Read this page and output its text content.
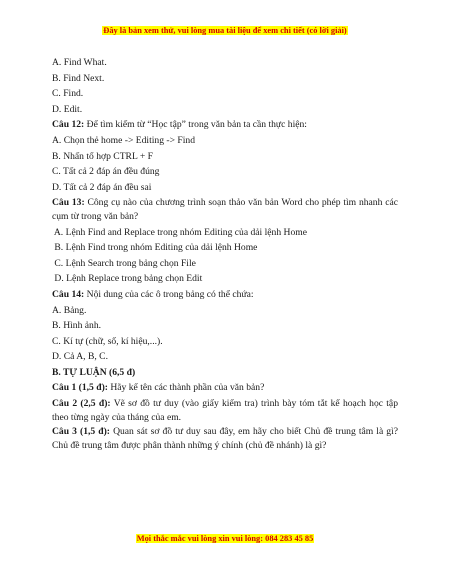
Đây là bản xem thử, vui lòng mua tài liệu để xem chi tiết (có lời giải)
A. Find What.
B. Find Next.
C. Find.
D. Edit.
Câu 12: Để tìm kiếm từ “Học tập” trong văn bản ta cần thực hiện:
A. Chọn thẻ home -> Editing -> Find
B. Nhấn tổ hợp CTRL + F
C. Tất cả 2 đáp án đều đúng
D. Tất cả 2 đáp án đều sai
Câu 13: Công cụ nào của chương trình soạn thảo văn bản Word cho phép tìm nhanh các cụm từ trong văn bản?
A. Lệnh Find and Replace trong nhóm Editing của dải lệnh Home
B. Lệnh Find trong nhóm Editing của dải lệnh Home
C. Lệnh Search trong bảng chọn File
D. Lệnh Replace trong bảng chọn Edit
Câu 14: Nội dung của các ô trong bảng có thể chứa:
A. Bảng.
B. Hình ảnh.
C. Kí tự (chữ, số, kí hiệu,...).
D. Cả A, B, C.
B. TỰ LUẬN (6,5 đ)
Câu 1 (1,5 đ): Hãy kể tên các thành phần của văn bản?
Câu 2 (2,5 đ): Vẽ sơ đồ tư duy (vào giấy kiểm tra) trình bày tóm tắt kế hoạch học tập theo từng ngày của tháng của em.
Câu 3 (1,5 đ): Quan sát sơ đồ tư duy sau đây, em hãy cho biết Chủ đề trung tâm là gì? Chủ đề trung tâm được phân thành những ý chính (chủ đề nhánh) là gì?
Mọi thắc mắc vui lòng xin vui lòng: 084 283 45 85
